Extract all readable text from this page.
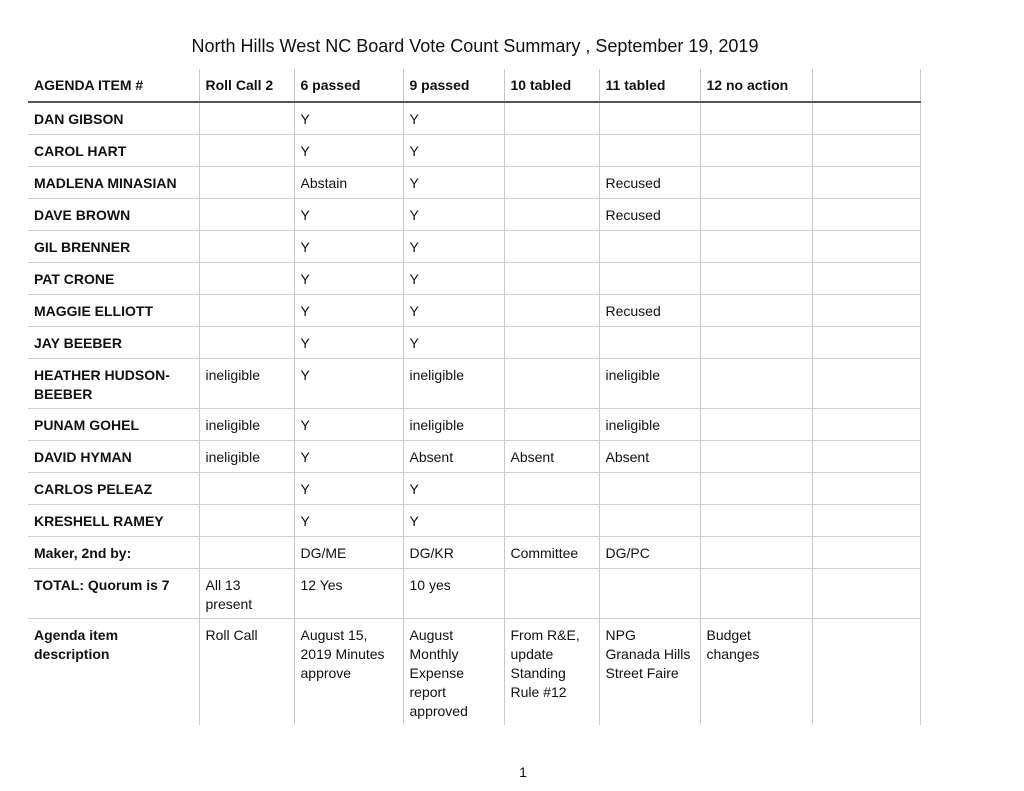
North Hills West NC Board Vote Count Summary , September 19, 2019
AGENDA ITEM #	Roll Call 2	6 passed	9 passed	10 tabled	11 tabled	12 no action	
DAN GIBSON		Y	Y				
CAROL HART		Y	Y				
MADLENA MINASIAN		Abstain	Y		Recused		
DAVE BROWN		Y	Y		Recused		
GIL BRENNER		Y	Y				
PAT CRONE		Y	Y				
MAGGIE ELLIOTT		Y	Y		Recused		
JAY BEEBER		Y	Y				
HEATHER HUDSON-BEEBER	ineligible	Y	ineligible		ineligible		
PUNAM GOHEL	ineligible	Y	ineligible		ineligible		
DAVID HYMAN	ineligible	Y	Absent	Absent	Absent		
CARLOS PELEAZ		Y	Y				
KRESHELL RAMEY		Y	Y				
Maker, 2nd by:		DG/ME	DG/KR	Committee	DG/PC		
TOTAL: Quorum is 7	All 13 present	12 Yes	10 yes				
Agenda item description	Roll Call	August 15, 2019 Minutes approve	August Monthly Expense report approved	From R&E, update Standing Rule #12	NPG Granada Hills Street Faire	Budget changes	
1
